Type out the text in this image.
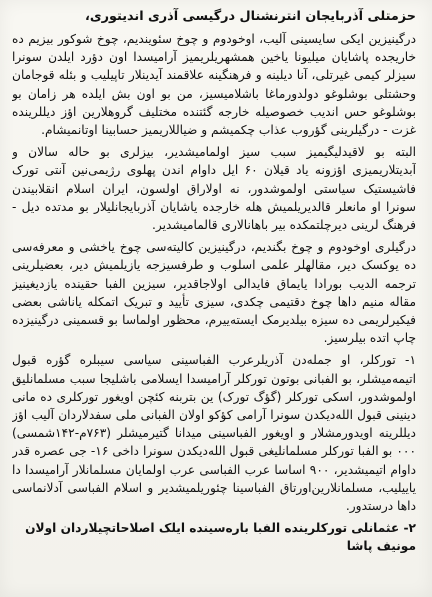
حزمتلی آذربایجان انترنشنال درگیسی آذری اندیتوری،
درگینیزین ایکی سایسینی آلیب، اوخودوم و چوخ سئویندیم، چوخ شوکور بیزیم ده خاریجده پاشایان میلیونا یاخین همشهریلریمیز آرامیسدا اون دؤرد ایلدن سونرا سیزلر کیمی غیرتلی، آنا دیلینه و فرهنگینه علاقمند آیدینلار تاپیلیب و بئله قوجامان وحشتلی بوشلوغو دولدورماغا باشلامیسیز، من بو اون بش ایلده هر زامان بو بوشلوغو حس اندیب خصوصیله خارجه گئتنده مختلیف گروهلارین اؤز دیللرینده غزت - درگیلرینی گؤروب عذاب چکمیشم و ضیاللاریمیز حسابینا اوتانمیشام.
البته بو لاقیدلیگیمیز سبب سیز اولمامیشدیر، بیزلری بو حاله سالان و آبدیتلاریمیزی اؤزونه یاد قیلان ۶۰ ایل داوام اندن پهلوی رژیمی‌نین آنتی تورک فاشیستیک سیاستی اولموشدور، نه اولاراق اولسون، ایران اسلام انقلابیندن سونرا او مانعلر قالدیریلمیش هله خارجده یاشایان آذربایجانلیلار بو مدتده دیل - فرهنگ لرینی دیرچلتمکده بیر باهانالاری قالمامیشدیر.
درگیلری اوخودوم و چوخ بگندیم، درگینیزین کالیته‌سی چوخ یاخشی و معرفه‌سی ده یوکسک دیر، مقالهلر علمی اسلوب و طرفسیزجه یازیلمیش دیر، بعضیلرینی ترجمه الدیب بورادا یایماق فایدالی اولاجاقدیر، سیزین الفبا حقینده یازدیغینیز مقاله منیم داها چوخ دقتیمی چکدی، سیزی تأیید و تبریک اتمکله یاناشی بعضی فیکیرلریمی ده سیزه بیلدیرمک ایسته‌ییرم، محظور اولماسا بو قسمینی درگینیزده چاپ اتده بیلرسیز.
۱- تورکلر، او جمله‌دن آذریلرعرب الفباسینی سیاسی سیبلره گؤره قبول اتیمه‌میشلر، بو الفبانی بوتون تورکلر آرامیسدا ایسلامی باشلیجا سبب مسلمانلیق اولموشدور، اسکی تورکلر (گؤگ تورک) ین بتربنه کئچن اویغور تورکلری ده مانی دینینی قبول الله‌دیکدن سونرا آرامی کؤکو اولان الفبانی ملی سفدلاردان آلیب اؤز دیللرینه اویدورمشلار و اویغور الفباسینی میدانا گتیرمیشلر (۷۶۳م-۱۴۲شمسی) ۰۰۰ بو الفبا تورکلر مسلمانلیغی قبول الله‌دیکدن سونرا داخی ۱۶- جی عصره قدر داوام اتیمیشدیر، ۹۰۰ اساسا عرب الفباسی عرب اولمایان مسلمانلار آرامیسدا دا یاییلیب، مسلمانلارین‌اورتاق الفباسینا چئوریلمیشدیر و اسلام الفباسی آدلانماسی داها درستدور.
۲- عثمانلی تورکلرینده الفبا بارەسینده ایلک اصلاحاتچیلاردان اولان مونیف پاشا
